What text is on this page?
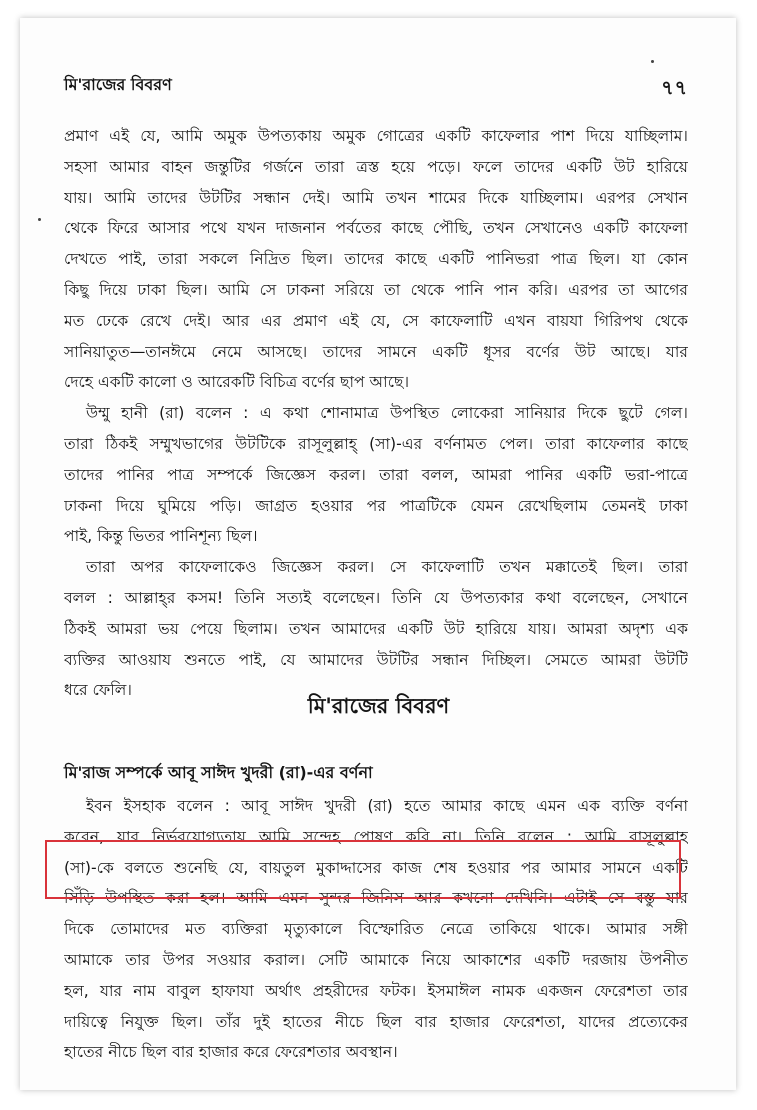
মি'রাজের বিবরণ	৭৭
প্রমাণ এই যে, আমি অমুক উপত্যকায় অমুক গোত্রের একটি কাফেলার পাশ দিয়ে যাচ্ছিলাম।
সহসা আমার বাহন জন্তুটির গর্জনে তারা ত্রস্ত হয়ে পড়ে। ফলে তাদের একটি উট হারিয়ে
যায়। আমি তাদের উটটির সন্ধান দেই। আমি তখন শামের দিকে যাচ্ছিলাম। এরপর সেখান
থেকে ফিরে আসার পথে যখন দাজনান পর্বতের কাছে পৌছি, তখন সেখানেও একটি কাফেলা
দেখতে পাই, তারা সকলে নিদ্রিত ছিল। তাদের কাছে একটি পানিভরা পাত্র ছিল। যা কোন
কিছু দিয়ে ঢাকা ছিল। আমি সে ঢাকনা সরিয়ে তা থেকে পানি পান করি। এরপর তা আগের
মত ঢেকে রেখে দেই। আর এর প্রমাণ এই যে, সে কাফেলাটি এখন বায়যা গিরিপথ থেকে
সানিয়াতুত—তানঈমে নেমে আসছে। তাদের সামনে একটি ধূসর বর্ণের উট আছে। যার
দেহে একটি কালো ও আরেকটি বিচিত্র বর্ণের ছাপ আছে।
উম্মু হানী (রা) বলেন : এ কথা শোনামাত্র উপস্থিত লোকেরা সানিয়ার দিকে ছুটে গেল।
তারা ঠিকই সম্মুখভাগের উটটিকে রাসূলুল্লাহ্ (সা)-এর বর্ণনামত পেল। তারা কাফেলার কাছে
তাদের পানির পাত্র সম্পর্কে জিজ্ঞেস করল। তারা বলল, আমরা পানির একটি ভরা-পাত্রে
ঢাকনা দিয়ে ঘুমিয়ে পড়ি। জাগ্রত হওয়ার পর পাত্রটিকে যেমন রেখেছিলাম তেমনই ঢাকা
পাই, কিন্তু ভিতর পানিশূন্য ছিল।
তারা অপর কাফেলাকেও জিজ্ঞেস করল। সে কাফেলাটি তখন মক্কাতেই ছিল। তারা
বলল : আল্লাহ্‌র কসম! তিনি সত্যই বলেছেন। তিনি যে উপত্যকার কথা বলেছেন, সেখানে
ঠিকই আমরা ভয় পেয়ে ছিলাম। তখন আমাদের একটি উট হারিয়ে যায়। আমরা অদৃশ্য এক
ব্যক্তির আওয়ায শুনতে পাই, যে আমাদের উটটির সন্ধান দিচ্ছিল। সেমতে আমরা উটটি
ধরে ফেলি।
মি'রাজের বিবরণ
মি'রাজ সম্পর্কে আবূ সাঈদ খুদরী (রা)-এর বর্ণনা
ইবন ইসহাক বলেন : আবূ সাঈদ খুদরী (রা) হতে আমার কাছে এমন এক ব্যক্তি বর্ণনা
করেন, যার নির্ভরযোগ্যতায় আমি সন্দেহ পোষণ করি না। তিনি বলেন : আমি রাসূলুল্লাহ
(সা)-কে বলতে শুনেছি যে, বায়তুল মুকাদ্দাসের কাজ শেষ হওয়ার পর আমার সামনে একটি
সিঁড়ি উপস্থিত করা হল। আমি এমন সুন্দর জিনিস আর কখনো দেখিনি। এটাই সে বস্তু যার
দিকে তোমাদের মত ব্যক্তিরা মৃত্যুকালে বিস্ফোরিত নেত্রে তাকিয়ে থাকে। আমার সঙ্গী
আমাকে তার উপর সওয়ার করাল। সেটি আমাকে নিয়ে আকাশের একটি দরজায় উপনীত
হল, যার নাম বাবুল হাফাযা অর্থাৎ প্রহরীদের ফটক। ইসমাঈল নামক একজন ফেরেশতা তার
দায়িত্বে নিযুক্ত ছিল। তাঁর দুই হাতের নীচে ছিল বার হাজার ফেরেশতা, যাদের প্রত্যেকের
হাতের নীচে ছিল বার হাজার করে ফেরেশতার অবস্থান।
